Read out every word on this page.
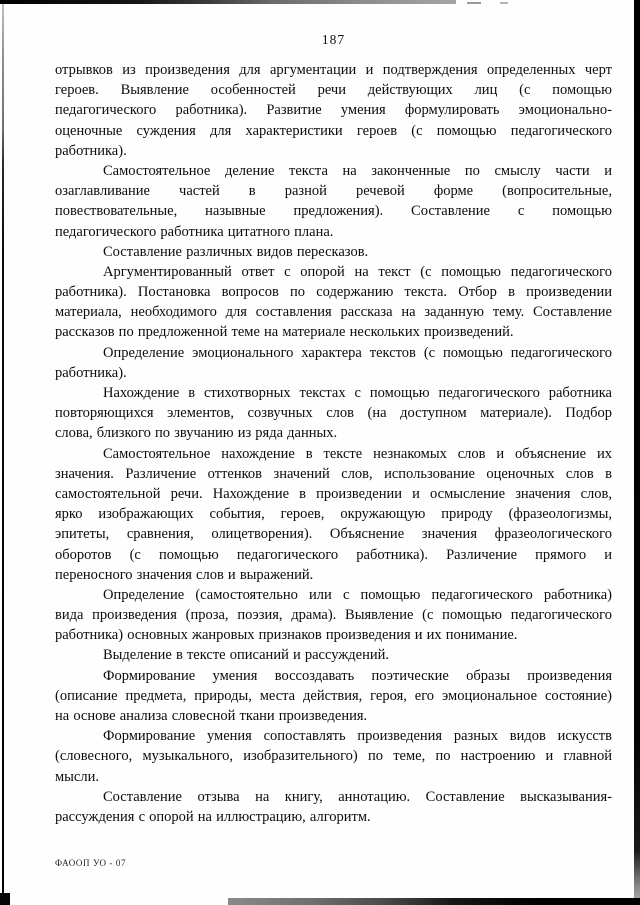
187
отрывков из произведения для аргументации и подтверждения определенных черт
героев. Выявление особенностей речи действующих лиц (с помощью
педагогического работника). Развитие умения формулировать эмоционально-
оценочные суждения для характеристики героев (с помощью педагогического
работника).
Самостоятельное деление текста на законченные по смыслу части и
озаглавливание частей в разной речевой форме (вопросительные,
повествовательные, назывные предложения). Составление с помощью
педагогического работника цитатного плана.
Составление различных видов пересказов.
Аргументированный ответ с опорой на текст (с помощью педагогического
работника). Постановка вопросов по содержанию текста. Отбор в произведении
материала, необходимого для составления рассказа на заданную тему. Составление
рассказов по предложенной теме на материале нескольких произведений.
Определение эмоционального характера текстов (с помощью педагогического
работника).
Нахождение в стихотворных текстах с помощью педагогического работника
повторяющихся элементов, созвучных слов (на доступном материале). Подбор
слова, близкого по звучанию из ряда данных.
Самостоятельное нахождение в тексте незнакомых слов и объяснение их
значения. Различение оттенков значений слов, использование оценочных слов в
самостоятельной речи. Нахождение в произведении и осмысление значения слов,
ярко изображающих события, героев, окружающую природу (фразеологизмы,
эпитеты, сравнения, олицетворения). Объяснение значения фразеологического
оборотов (с помощью педагогического работника). Различение прямого и
переносного значения слов и выражений.
Определение (самостоятельно или с помощью педагогического работника)
вида произведения (проза, поэзия, драма). Выявление (с помощью педагогического
работника) основных жанровых признаков произведения и их понимание.
Выделение в тексте описаний и рассуждений.
Формирование умения воссоздавать поэтические образы произведения
(описание предмета, природы, места действия, героя, его эмоциональное состояние)
на основе анализа словесной ткани произведения.
Формирование умения сопоставлять произведения разных видов искусств
(словесного, музыкального, изобразительного) по теме, по настроению и главной
мысли.
Составление отзыва на книгу, аннотацию. Составление высказывания-
рассуждения с опорой на иллюстрацию, алгоритм.
ФАООП УО - 07
